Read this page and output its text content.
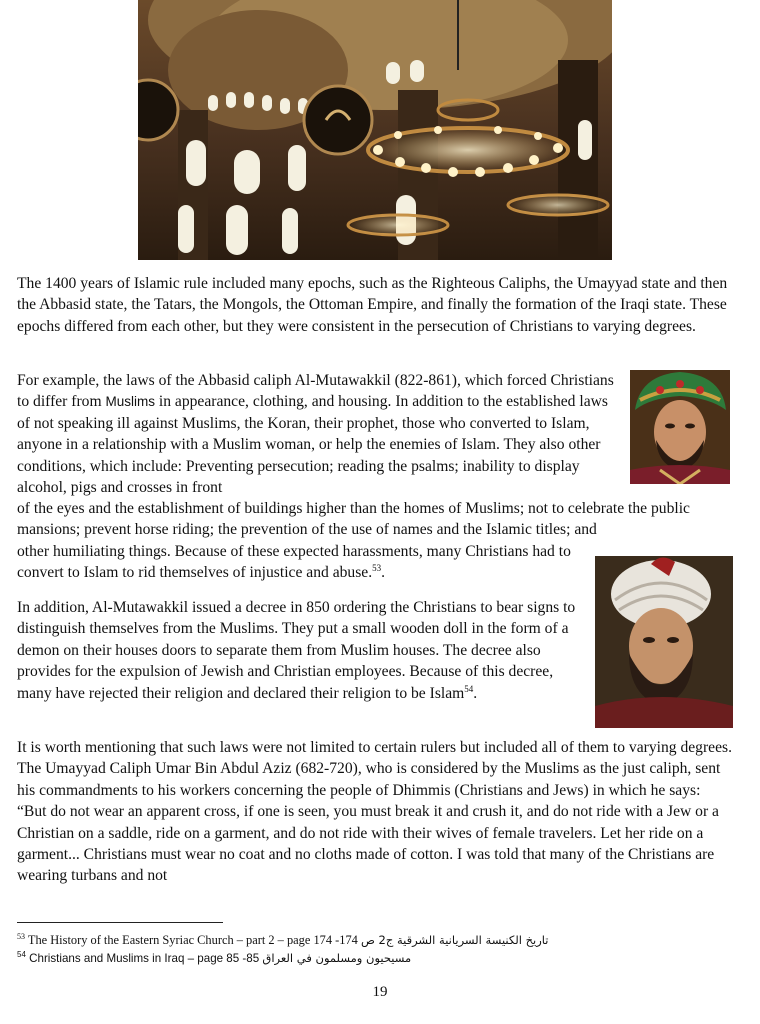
The 1400 years of Islamic rule included many epochs, such as the Righteous Caliphs, the Umayyad state and then the Abbasid state, the Tatars, the Mongols, the Ottoman Empire, and finally the formation of the Iraqi state. These epochs differed from each other, but they were consistent in the persecution of Christians to varying degrees.

For example, the laws of the Abbasid caliph Al-Mutawakkil (822-861), which forced Christians to differ from Muslims in appearance, clothing, and housing. In addition to the established laws of not speaking ill against Muslims, the Koran, their prophet, those who converted to Islam, anyone in a relationship with a Muslim woman, or help the enemies of Islam. They also other conditions, which include: Preventing persecution; reading the psalms; inability to display alcohol, pigs and crosses in front

of the eyes and the establishment of buildings higher than the homes of Muslims; not to celebrate the public mansions; prevent horse riding; the prevention of the use of names and the Islamic titles; and

other humiliating things. Because of these expected harassments, many Christians had to convert to Islam to rid themselves of injustice and abuse.$^{53}$.

In addition, Al-Mutawakkil issued a decree in 850 ordering the Christians to bear signs to distinguish themselves from the Muslims. They put a small wooden doll in the form of a demon on their houses doors to separate them from Muslim houses. The decree also provides for the expulsion of Jewish and Christian employees. Because of this decree, many have rejected their religion and declared their religion to be Islam$^{54}$.

It is worth mentioning that such laws were not limited to certain rulers but included all of them to varying degrees. The Umayyad Caliph Umar Bin Abdul Aziz (682-720), who is considered by the Muslims as the just caliph, sent his commandments to his workers concerning the people of Dhimmis (Christians and Jews) in which he says: “But do not wear an apparent cross, if one is seen, you must break it and crush it, and do not ride with a Jew or a Christian on a saddle, ride on a garment, and do not ride with their wives of female travelers. Let her ride on a garment... Christians must wear no coat and no cloths made of cotton. I was told that many of the Christians are wearing turbans and not

$^{53}$ The History of the Eastern Syriac Church – part 2 – page 174 -174 تاريخ الكنيسة السريانية الشرقية ج2 ص
$^{54}$ Christians and Muslims in Iraq – page 85 -85 مسيحيون ومسلمون في العراق
19
